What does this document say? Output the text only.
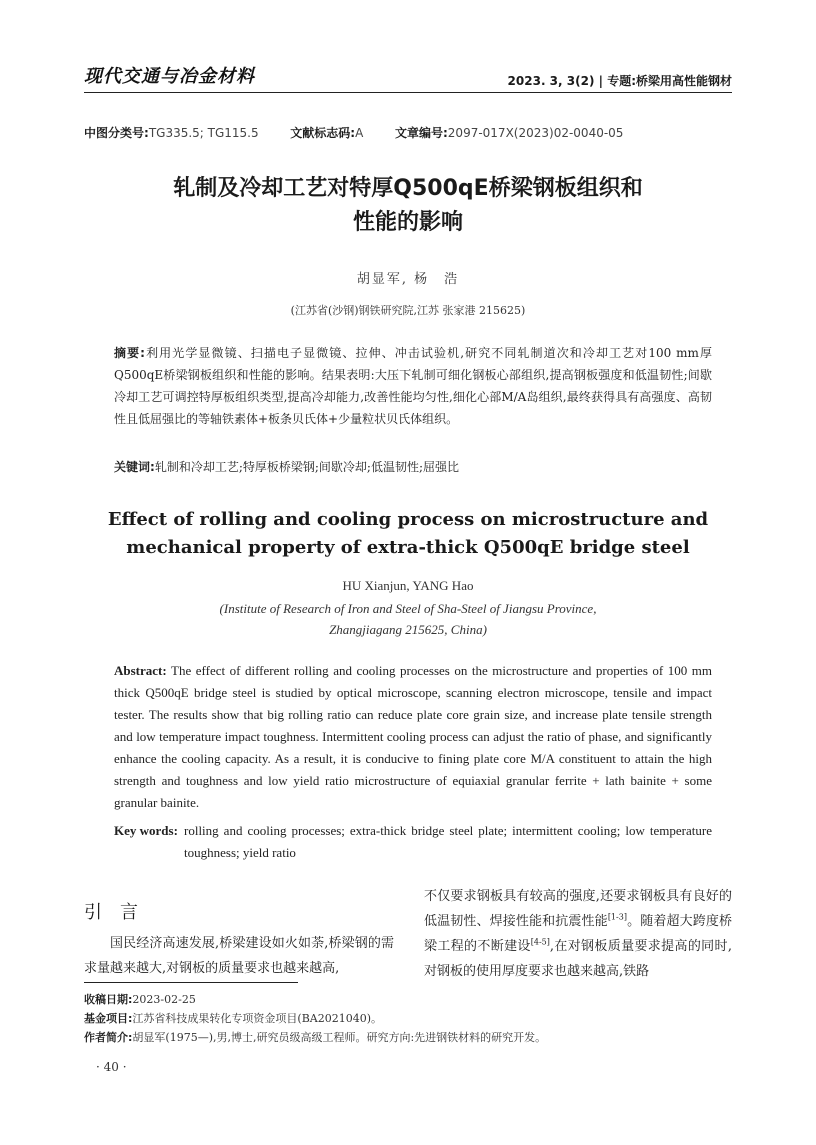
现代交通与冶金材料	2023. 3, 3(2) | 专题:桥梁用高性能钢材
中图分类号:TG335.5; TG115.5	文献标志码:A	文章编号:2097-017X(2023)02-0040-05
轧制及冷却工艺对特厚Q500qE桥梁钢板组织和
性能的影响
胡显军, 杨　浩
(江苏省(沙钢)钢铁研究院,江苏 张家港 215625)
摘要:利用光学显微镜、扫描电子显微镜、拉伸、冲击试验机,研究不同轧制道次和冷却工艺对100 mm厚Q500qE桥梁钢板组织和性能的影响。结果表明:大压下轧制可细化钢板心部组织,提高钢板强度和低温韧性;间歇冷却工艺可调控特厚板组织类型,提高冷却能力,改善性能均匀性,细化心部M/A岛组织,最终获得具有高强度、高韧性且低屈强比的等轴铁素体+板条贝氏体+少量粒状贝氏体组织。
关键词:轧制和冷却工艺;特厚板桥梁钢;间歇冷却;低温韧性;屈强比
Effect of rolling and cooling process on microstructure and
mechanical property of extra-thick Q500qE bridge steel
HU Xianjun, YANG Hao
(Institute of Research of Iron and Steel of Sha-Steel of Jiangsu Province,
Zhangjiagang 215625, China)
Abstract: The effect of different rolling and cooling processes on the microstructure and properties of 100 mm thick Q500qE bridge steel is studied by optical microscope, scanning electron microscope, tensile and impact tester. The results show that big rolling ratio can reduce plate core grain size, and increase plate tensile strength and low temperature impact toughness. Intermittent cooling process can adjust the ratio of phase, and significantly enhance the cooling capacity. As a result, it is conducive to fining plate core M/A constituent to attain the high strength and toughness and low yield ratio microstructure of equiaxial granular ferrite + lath bainite + some granular bainite.
Key words: rolling and cooling processes; extra-thick bridge steel plate; intermittent cooling; low temperature toughness; yield ratio
引言
国民经济高速发展,桥梁建设如火如荼,桥梁钢的需求量越来越大,对钢板的质量要求也越来越高,
不仅要求钢板具有较高的强度,还要求钢板具有良好的低温韧性、焊接性能和抗震性能[1-3]。随着超大跨度桥梁工程的不断建设[4-5],在对钢板质量要求提高的同时,对钢板的使用厚度要求也越来越高,铁路
收稿日期:2023-02-25
基金项目:江苏省科技成果转化专项资金项目(BA2021040)。
作者简介:胡显军(1975—),男,博士,研究员级高级工程师。研究方向:先进钢铁材料的研究开发。
· 40 ·
